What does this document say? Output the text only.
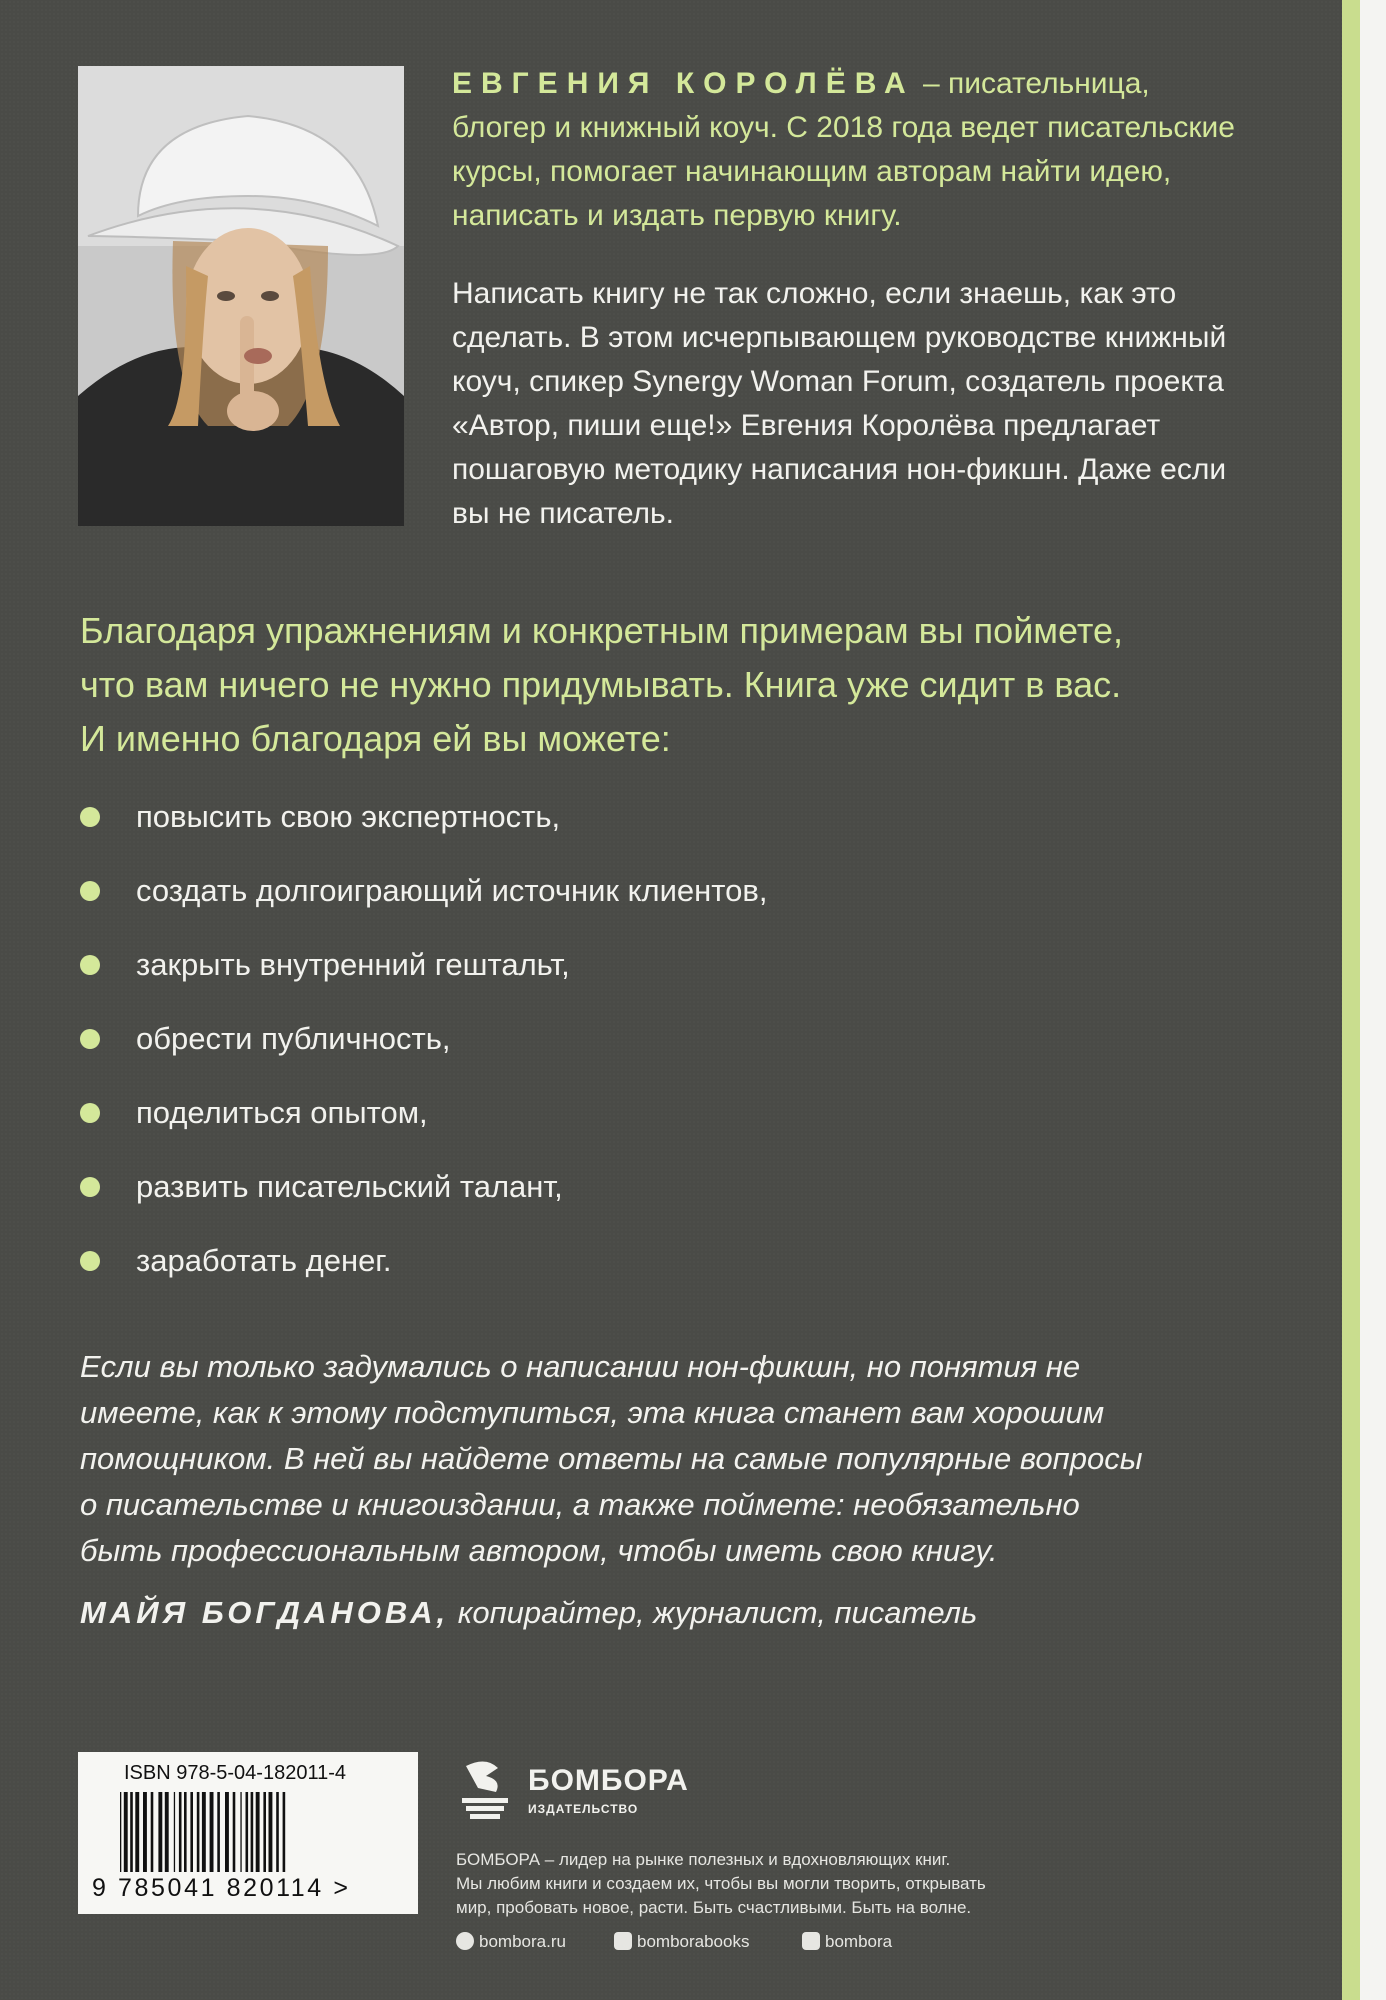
ЕВГЕНИЯ КОРОЛЁВА – писательница,
блогер и книжный коуч. С 2018 года ведет писательские
курсы, помогает начинающим авторам найти идею,
написать и издать первую книгу.
Написать книгу не так сложно, если знаешь, как это
сделать. В этом исчерпывающем руководстве книжный
коуч, спикер Synergy Woman Forum, создатель проекта
«Автор, пиши еще!» Евгения Королёва предлагает
пошаговую методику написания нон-фикшн. Даже если
вы не писатель.
Благодаря упражнениям и конкретным примерам вы поймете,
что вам ничего не нужно придумывать. Книга уже сидит в вас.
И именно благодаря ей вы можете:
повысить свою экспертность,
создать долгоиграющий источник клиентов,
закрыть внутренний гештальт,
обрести публичность,
поделиться опытом,
развить писательский талант,
заработать денег.
Если вы только задумались о написании нон-фикшн, но понятия не
имеете, как к этому подступиться, эта книга станет вам хорошим
помощником. В ней вы найдете ответы на самые популярные вопросы
о писательстве и книгоиздании, а также поймете: необязательно
быть профессиональным автором, чтобы иметь свою книгу.
МАЙЯ БОГДАНОВА, копирайтер, журналист, писатель
ISBN 978-5-04-182011-4
9 785041 820114 >
БОМБОРА
ИЗДАТЕЛЬСТВО
БОМБОРА – лидер на рынке полезных и вдохновляющих книг.
Мы любим книги и создаем их, чтобы вы могли творить, открывать
мир, пробовать новое, расти. Быть счастливыми. Быть на волне.
bombora.ru	bomborabooks	bombora
